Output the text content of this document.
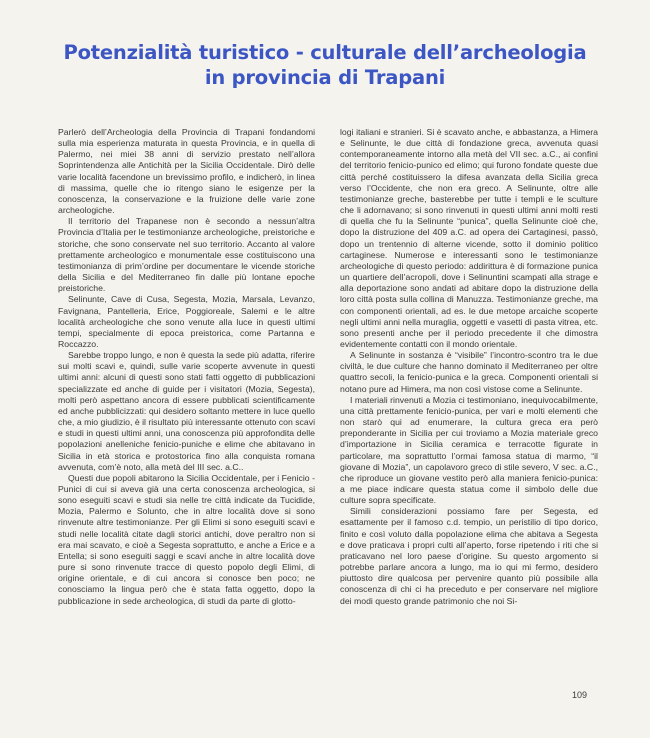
Potenzialità turistico - culturale dell’archeologia
in provincia di Trapani

Parlerò dell’Archeologia della Provincia di Trapani fondandomi sulla mia esperienza maturata in questa Provincia, e in quella di Palermo, nei miei 38 anni di servizio prestato nell’allora Soprintendenza alle Antichità per la Sicilia Occidentale. Dirò delle varie località facendone un brevissimo profilo, e indicherò, in linea di massima, quelle che io ritengo siano le esigenze per la conoscenza, la conservazione e la fruizione delle varie zone archeologiche.

Il territorio del Trapanese non è secondo a nessun’altra Provincia d’Italia per le testimonianze archeologiche, preistoriche e storiche, che sono conservate nel suo territorio. Accanto al valore prettamente archeologico e monumentale esse costituiscono una testimonianza di prim’ordine per documentare le vicende storiche della Sicilia e del Mediterraneo fin dalle più lontane epoche preistoriche.

Selinunte, Cave di Cusa, Segesta, Mozia, Marsala, Levanzo, Favignana, Pantelleria, Erice, Poggioreale, Salemi e le altre località archeologiche che sono venute alla luce in questi ultimi tempi, specialmente di epoca preistorica, come Partanna e Roccazzo.

Sarebbe troppo lungo, e non è questa la sede più adatta, riferire sui molti scavi e, quindi, sulle varie scoperte avvenute in questi ultimi anni: alcuni di questi sono stati fatti oggetto di pubblicazioni specializzate ed anche di guide per i visitatori (Mozia, Segesta), molti però aspettano ancora di essere pubblicati scientificamente ed anche pubblicizzati: qui desidero soltanto mettere in luce quello che, a mio giudizio, è il risultato più interessante ottenuto con scavi e studi in questi ultimi anni, una conoscenza più approfondita delle popolazioni anelleniche fenicio-puniche e elime che abitavano in Sicilia in età storica e protostorica fino alla conquista romana avvenuta, com’è noto, alla metà del III sec. a.C..

Questi due popoli abitarono la Sicilia Occidentale, per i Fenicio - Punici di cui si aveva già una certa conoscenza archeologica, si sono eseguiti scavi e studi sia nelle tre città indicate da Tucidide, Mozia, Palermo e Solunto, che in altre località dove si sono rinvenute altre testimonianze. Per gli Elimi si sono eseguiti scavi e studi nelle località citate dagli storici antichi, dove peraltro non si era mai scavato, e cioè a Segesta soprattutto, e anche a Erice e a Entella; si sono eseguiti saggi e scavi anche in altre località dove pure si sono rinvenute tracce di questo popolo degli Elimi, di origine orientale, e di cui ancora si conosce ben poco; ne conosciamo la lingua però che è stata fatta oggetto, dopo la pubblicazione in sede archeologica, di studi da parte di glotto-

logi italiani e stranieri. Si è scavato anche, e abbastanza, a Himera e Selinunte, le due città di fondazione greca, avvenuta quasi contemporaneamente intorno alla metà del VII sec. a.C., ai confini del territorio fenicio-punico ed elimo; qui furono fondate queste due città perché costituissero la difesa avanzata della Sicilia greca verso l’Occidente, che non era greco. A Selinunte, oltre alle testimonianze greche, basterebbe per tutte i templi e le sculture che li adornavano; si sono rinvenuti in questi ultimi anni molti resti di quella che fu la Selinunte “punica”, quella Selinunte cioè che, dopo la distruzione del 409 a.C. ad opera dei Cartaginesi, passò, dopo un trentennio di alterne vicende, sotto il dominio politico cartaginese. Numerose e interessanti sono le testimonianze archeologiche di questo periodo: addirittura è di formazione punica un quartiere dell’acropoli, dove i Selinuntini scampati alla strage e alla deportazione sono andati ad abitare dopo la distruzione della loro città posta sulla collina di Manuzza. Testimonianze greche, ma con componenti orientali, ad es. le due metope arcaiche scoperte negli ultimi anni nella muraglia, oggetti e vasetti di pasta vitrea, etc. sono presenti anche per il periodo precedente il che dimostra evidentemente contatti con il mondo orientale.

A Selinunte in sostanza è “visibile” l’incontro-scontro tra le due civiltà, le due culture che hanno dominato il Mediterraneo per oltre quattro secoli, la fenicio-punica e la greca. Componenti orientali si notano pure ad Himera, ma non così vistose come a Selinunte.

I materiali rinvenuti a Mozia ci testimoniano, inequivocabilmente, una città prettamente fenicio-punica, per vari e molti elementi che non starò qui ad enumerare, la cultura greca era però preponderante in Sicilia per cui troviamo a Mozia materiale greco d’importazione in Sicilia ceramica e terracotte figurate in particolare, ma soprattutto l’ormai famosa statua di marmo, “il giovane di Mozia”, un capolavoro greco di stile severo, V sec. a.C., che riproduce un giovane vestito però alla maniera fenicio-punica: a me piace indicare questa statua come il simbolo delle due culture sopra specificate.

Simili considerazioni possiamo fare per Segesta, ed esattamente per il famoso c.d. tempio, un peristilio di tipo dorico, finito e così voluto dalla popolazione elima che abitava a Segesta e dove praticava i propri culti all’aperto, forse ripetendo i riti che si praticavano nel loro paese d’origine. Su questo argomento si potrebbe parlare ancora a lungo, ma io qui mi fermo, desidero piuttosto dire qualcosa per pervenire quanto più possibile alla conoscenza di chi ci ha preceduto e per conservare nel migliore dei modi questo grande patrimonio che noi Si-

109
